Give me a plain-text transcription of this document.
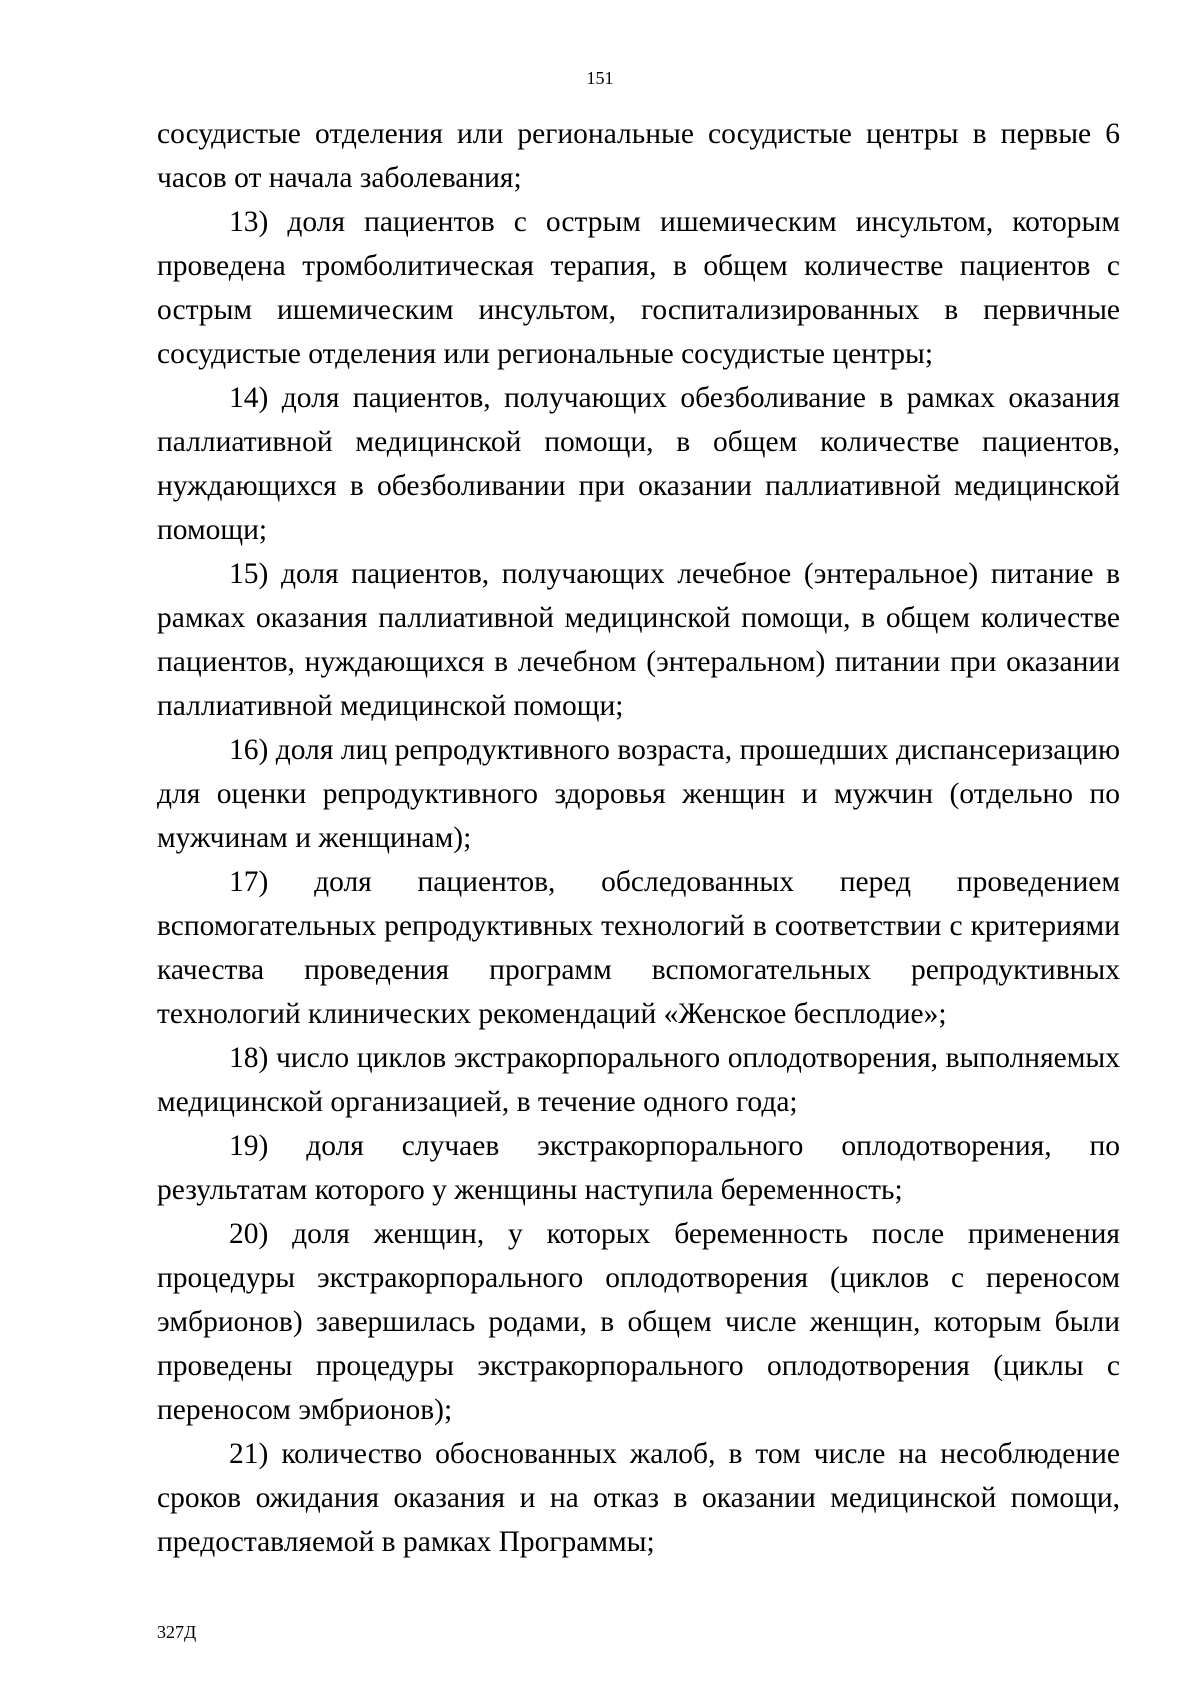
151

сосудистые отделения или региональные сосудистые центры в первые 6 часов от начала заболевания;

13) доля пациентов с острым ишемическим инсультом, которым проведена тромболитическая терапия, в общем количестве пациентов с острым ишемическим инсультом, госпитализированных в первичные сосудистые отделения или региональные сосудистые центры;

14) доля пациентов, получающих обезболивание в рамках оказания паллиативной медицинской помощи, в общем количестве пациентов, нуждающихся в обезболивании при оказании паллиативной медицинской помощи;

15) доля пациентов, получающих лечебное (энтеральное) питание в рамках оказания паллиативной медицинской помощи, в общем количестве пациентов, нуждающихся в лечебном (энтеральном) питании при оказании паллиативной медицинской помощи;

16) доля лиц репродуктивного возраста, прошедших диспансеризацию для оценки репродуктивного здоровья женщин и мужчин (отдельно по мужчинам и женщинам);

17) доля пациентов, обследованных перед проведением вспомогательных репродуктивных технологий в соответствии с критериями качества проведения программ вспомогательных репродуктивных технологий клинических рекомендаций «Женское бесплодие»;

18) число циклов экстракорпорального оплодотворения, выполняемых медицинской организацией, в течение одного года;

19) доля случаев экстракорпорального оплодотворения, по результатам которого у женщины наступила беременность;

20) доля женщин, у которых беременность после применения процедуры экстракорпорального оплодотворения (циклов с переносом эмбрионов) завершилась родами, в общем числе женщин, которым были проведены процедуры экстракорпорального оплодотворения (циклы с переносом эмбрионов);

21) количество обоснованных жалоб, в том числе на несоблюдение сроков ожидания оказания и на отказ в оказании медицинской помощи, предоставляемой в рамках Программы;

327Д
